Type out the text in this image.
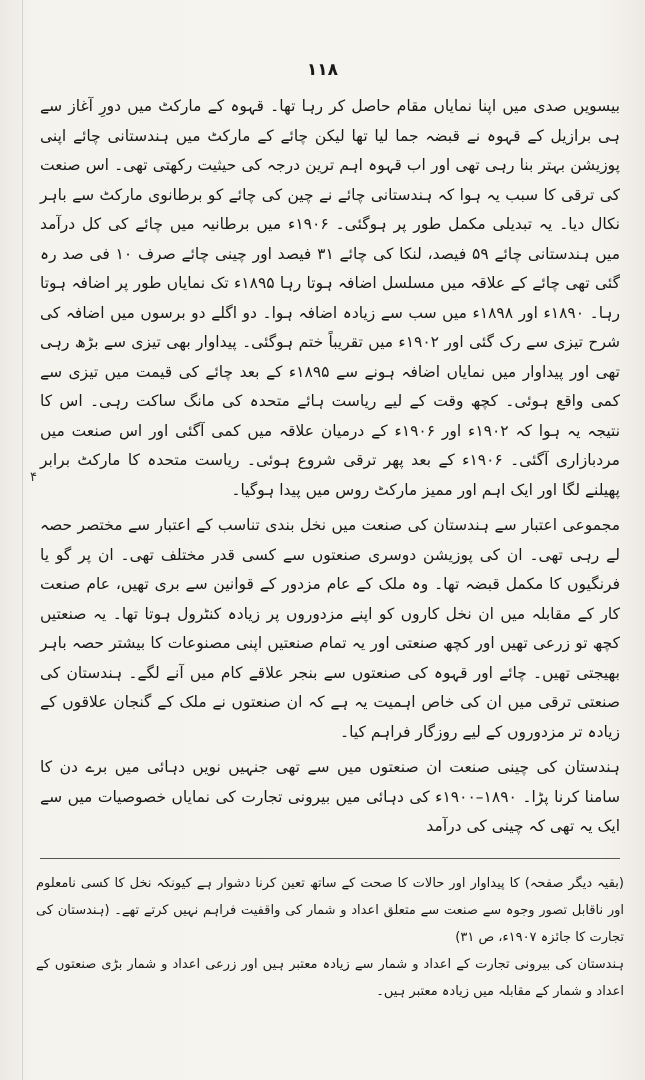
۱۱۸

بیسویں صدی میں اپنا نمایاں مقام حاصل کر رہا تھا۔ قہوہ کے مارکٹ میں دورِ آغاز سے ہی برازیل کے قہوہ نے قبضہ جما لیا تھا لیکن چائے کے مارکٹ میں ہندستانی چائے اپنی پوزیشن بہتر بنا رہی تھی اور اب قہوہ اہم ترین درجہ کی حیثیت رکھتی تھی۔ اس صنعت کی ترقی کا سبب یہ ہوا کہ ہندستانی چائے نے چین کی چائے کو برطانوی مارکٹ سے باہر نکال دیا۔ یہ تبدیلی مکمل طور پر ہوگئی۔ ۱۹۰۶ء میں برطانیہ میں چائے کی کل درآمد میں ہندستانی چائے ۵۹ فیصد، لنکا کی چائے ۳۱ فیصد اور چینی چائے صرف ۱۰ فی صد رہ گئی تھی چائے کے علاقہ میں مسلسل اضافہ ہوتا رہا ۱۸۹۵ء تک نمایاں طور پر اضافہ ہوتا رہا۔ ۱۸۹۰ء اور ۱۸۹۸ء میں سب سے زیادہ اضافہ ہوا۔ دو اگلے دو برسوں میں اضافہ کی شرح تیزی سے رک گئی اور ۱۹۰۲ء میں تقریباً ختم ہوگئی۔ پیداوار بھی تیزی سے بڑھ رہی تھی اور پیداوار میں نمایاں اضافہ ہونے سے ۱۸۹۵ء کے بعد چائے کی قیمت میں تیزی سے کمی واقع ہوئی۔ کچھ وقت کے لیے ریاست ہائے متحدہ کی مانگ ساکت رہی۔ اس کا نتیجہ یہ ہوا کہ ۱۹۰۲ء اور ۱۹۰۶ء کے درمیان علاقہ میں کمی آگئی اور اس صنعت میں مردبازاری آگئی۔ ۱۹۰۶ء کے بعد پھر ترقی شروع ہوئی۔ ریاست متحدہ کا مارکٹ برابر پھیلنے لگا اور ایک اہم اور ممیز مارکٹ روس میں پیدا ہوگیا۔

مجموعی اعتبار سے ہندستان کی صنعت میں نخل بندی تناسب کے اعتبار سے مختصر حصہ لے رہی تھی۔ ان کی پوزیشن دوسری صنعتوں سے کسی قدر مختلف تھی۔ ان پر گو یا فرنگیوں کا مکمل قبضہ تھا۔ وہ ملک کے عام مزدور کے قوانین سے بری تھیں، عام صنعت کار کے مقابلہ میں ان نخل کاروں کو اپنے مزدوروں پر زیادہ کنٹرول ہوتا تھا۔ یہ صنعتیں کچھ تو زرعی تھیں اور کچھ صنعتی اور یہ تمام صنعتیں اپنی مصنوعات کا بیشتر حصہ باہر بھیجتی تھیں۔ چائے اور قہوہ کی صنعتوں سے بنجر علاقے کام میں آنے لگے۔ ہندستان کی صنعتی ترقی میں ان کی خاص اہمیت یہ ہے کہ ان صنعتوں نے ملک کے گنجان علاقوں کے زیادہ تر مزدوروں کے لیے روزگار فراہم کیا۔

ہندستان کی چینی صنعت ان صنعتوں میں سے تھی جنہیں نویں دہائی میں برے دن کا سامنا کرنا پڑا۔ ۱۸۹۰–۱۹۰۰ء کی دہائی میں بیرونی تجارت کی نمایاں خصوصیات میں سے ایک یہ تھی کہ چینی کی درآمد

۴

(بقیہ دیگر صفحہ) کا پیداوار اور حالات کا صحت کے ساتھ تعین کرنا دشوار ہے کیونکہ نخل کا کسی نامعلوم اور ناقابل تصور وجوہ سے صنعت سے متعلق اعداد و شمار کی واقفیت فراہم نہیں کرتے تھے۔ (ہندستان کی تجارت کا جائزہ ۱۹۰۷ء، ص ۳۱)

ہندستان کی بیرونی تجارت کے اعداد و شمار سے زیادہ معتبر ہیں اور زرعی اعداد و شمار بڑی صنعتوں کے اعداد و شمار کے مقابلہ میں زیادہ معتبر ہیں۔
